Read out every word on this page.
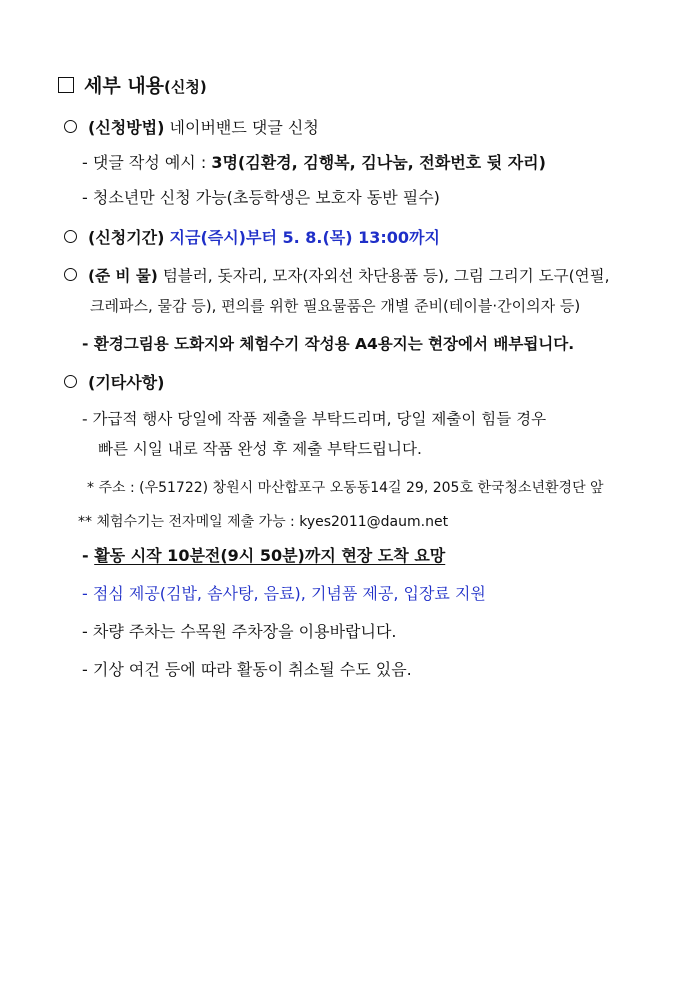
세부 내용(신청)
(신청방법) 네이버밴드 댓글 신청
- 댓글 작성 예시 : 3명(김환경, 김행복, 김나눔, 전화번호 뒷 자리)
- 청소년만 신청 가능(초등학생은 보호자 동반 필수)
(신청기간) 지금(즉시)부터 5. 8.(목) 13:00까지
(준 비 물) 텀블러, 돗자리, 모자(자외선 차단용품 등), 그림 그리기 도구(연필,
크레파스, 물감 등), 편의를 위한 필요물품은 개별 준비(테이블·간이의자 등)
- 환경그림용 도화지와 체험수기 작성용 A4용지는 현장에서 배부됩니다.
(기타사항)
- 가급적 행사 당일에 작품 제출을 부탁드리며, 당일 제출이 힘들 경우
빠른 시일 내로 작품 완성 후 제출 부탁드립니다.
* 주소 : (우51722) 창원시 마산합포구 오동동14길 29, 205호 한국청소년환경단 앞
** 체험수기는 전자메일 제출 가능 : kyes2011@daum.net
- 활동 시작 10분전(9시 50분)까지 현장 도착 요망
- 점심 제공(김밥, 솜사탕, 음료), 기념품 제공, 입장료 지원
- 차량 주차는 수목원 주차장을 이용바랍니다.
- 기상 여건 등에 따라 활동이 취소될 수도 있음.
